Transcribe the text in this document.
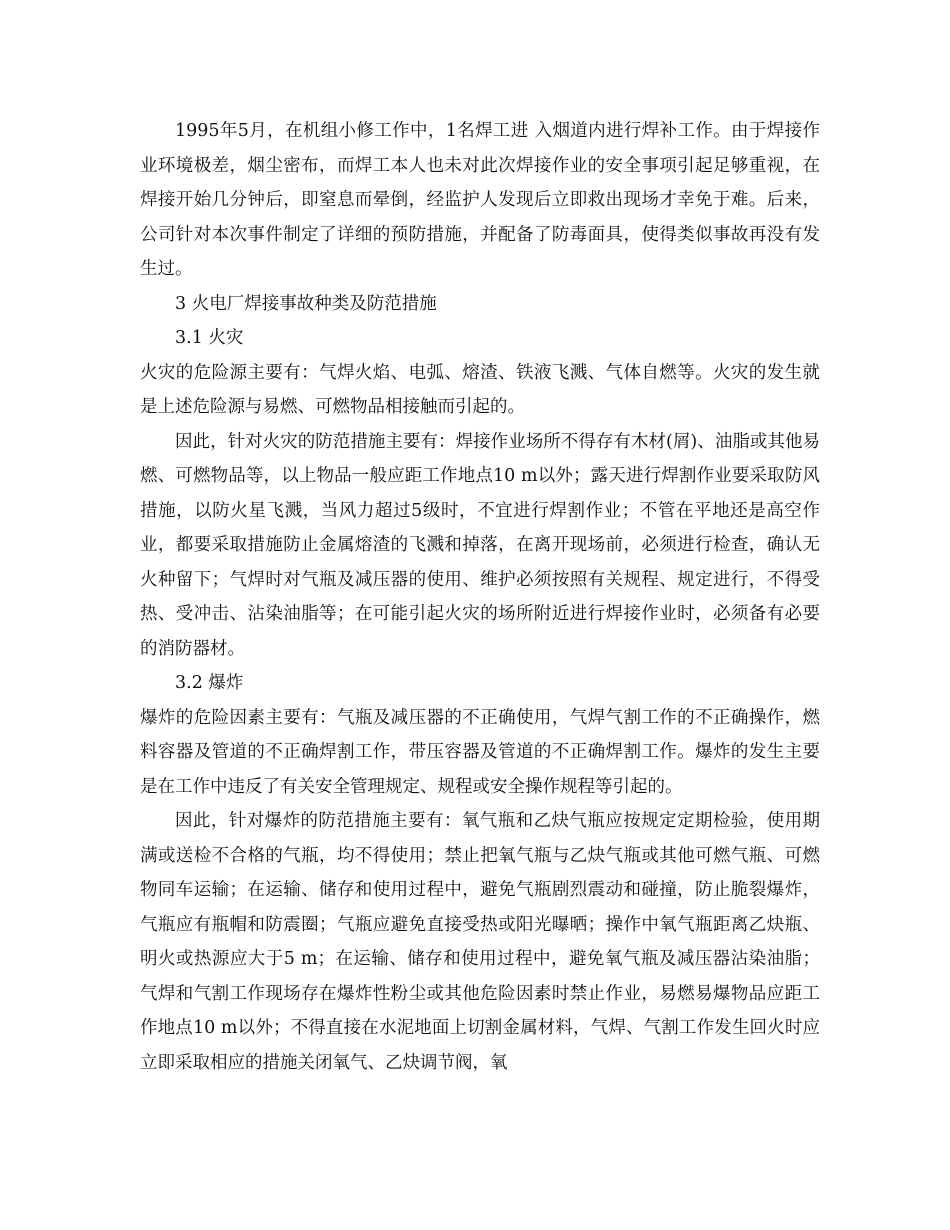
1995年5月，在机组小修工作中，1名焊工进 入烟道内进行焊补工作。由于焊接作业环境极差，烟尘密布，而焊工本人也未对此次焊接作业的安全事项引起足够重视，在焊接开始几分钟后，即窒息而晕倒，经监护人发现后立即救出现场才幸免于难。后来，公司针对本次事件制定了详细的预防措施，并配备了防毒面具，使得类似事故再没有发生过。

3 火电厂焊接事故种类及防范措施

3.1 火灾

火灾的危险源主要有：气焊火焰、电弧、熔渣、铁液飞溅、气体自燃等。火灾的发生就是上述危险源与易燃、可燃物品相接触而引起的。

因此，针对火灾的防范措施主要有：焊接作业场所不得存有木材(屑)、油脂或其他易燃、可燃物品等，以上物品一般应距工作地点10 m以外；露天进行焊割作业要采取防风措施，以防火星飞溅，当风力超过5级时，不宜进行焊割作业；不管在平地还是高空作业，都要采取措施防止金属熔渣的飞溅和掉落，在离开现场前，必须进行检查，确认无火种留下；气焊时对气瓶及减压器的使用、维护必须按照有关规程、规定进行，不得受热、受冲击、沾染油脂等；在可能引起火灾的场所附近进行焊接作业时，必须备有必要的消防器材。

3.2 爆炸

爆炸的危险因素主要有：气瓶及减压器的不正确使用，气焊气割工作的不正确操作，燃料容器及管道的不正确焊割工作，带压容器及管道的不正确焊割工作。爆炸的发生主要是在工作中违反了有关安全管理规定、规程或安全操作规程等引起的。

因此，针对爆炸的防范措施主要有：氧气瓶和乙炔气瓶应按规定定期检验，使用期满或送检不合格的气瓶，均不得使用；禁止把氧气瓶与乙炔气瓶或其他可燃气瓶、可燃物同车运输；在运输、储存和使用过程中，避免气瓶剧烈震动和碰撞，防止脆裂爆炸，气瓶应有瓶帽和防震圈；气瓶应避免直接受热或阳光曝晒；操作中氧气瓶距离乙炔瓶、明火或热源应大于5 m；在运输、储存和使用过程中，避免氧气瓶及减压器沾染油脂；气焊和气割工作现场存在爆炸性粉尘或其他危险因素时禁止作业，易燃易爆物品应距工作地点10 m以外；不得直接在水泥地面上切割金属材料，气焊、气割工作发生回火时应立即采取相应的措施关闭氧气、乙炔调节阀，氧
